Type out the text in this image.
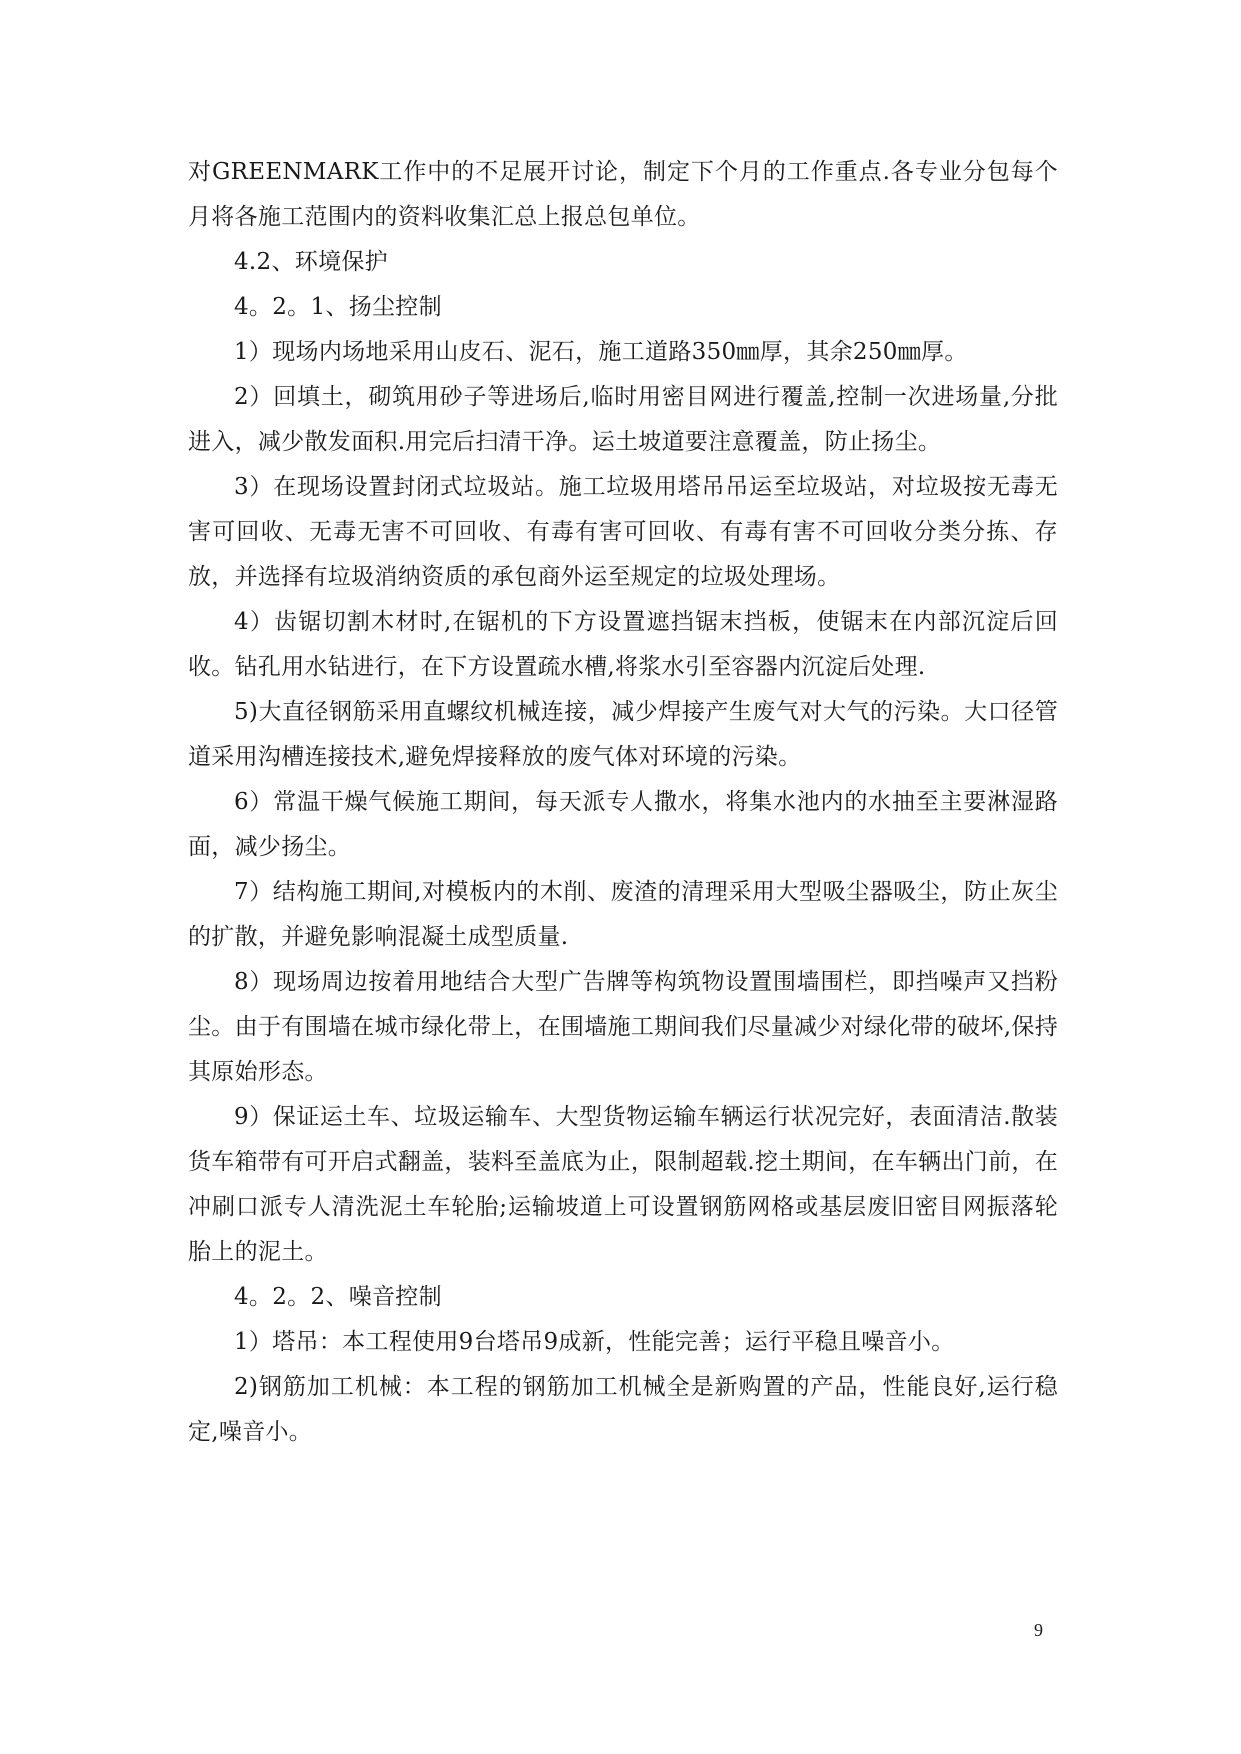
对GREENMARK工作中的不足展开讨论，制定下个月的工作重点.各专业分包每个月将各施工范围内的资料收集汇总上报总包单位。

4.2、环境保护

4。2。1、扬尘控制

1）现场内场地采用山皮石、泥石，施工道路350㎜厚，其余250㎜厚。

2）回填土，砌筑用砂子等进场后,临时用密目网进行覆盖,控制一次进场量,分批进入，减少散发面积.用完后扫清干净。运土坡道要注意覆盖，防止扬尘。

3）在现场设置封闭式垃圾站。施工垃圾用塔吊吊运至垃圾站，对垃圾按无毒无害可回收、无毒无害不可回收、有毒有害可回收、有毒有害不可回收分类分拣、存放，并选择有垃圾消纳资质的承包商外运至规定的垃圾处理场。

4）齿锯切割木材时,在锯机的下方设置遮挡锯末挡板，使锯末在内部沉淀后回收。钻孔用水钻进行，在下方设置疏水槽,将浆水引至容器内沉淀后处理.

5)大直径钢筋采用直螺纹机械连接，减少焊接产生废气对大气的污染。大口径管道采用沟槽连接技术,避免焊接释放的废气体对环境的污染。

6）常温干燥气候施工期间，每天派专人撒水，将集水池内的水抽至主要淋湿路面，减少扬尘。

7）结构施工期间,对模板内的木削、废渣的清理采用大型吸尘器吸尘，防止灰尘的扩散，并避免影响混凝土成型质量.

8）现场周边按着用地结合大型广告牌等构筑物设置围墙围栏，即挡噪声又挡粉尘。由于有围墙在城市绿化带上，在围墙施工期间我们尽量减少对绿化带的破坏,保持其原始形态。

9）保证运土车、垃圾运输车、大型货物运输车辆运行状况完好，表面清洁.散装货车箱带有可开启式翻盖，装料至盖底为止，限制超载.挖土期间，在车辆出门前，在冲刷口派专人清洗泥土车轮胎;运输坡道上可设置钢筋网格或基层废旧密目网振落轮胎上的泥土。

4。2。2、噪音控制

1）塔吊：本工程使用9台塔吊9成新，性能完善；运行平稳且噪音小。

2)钢筋加工机械：本工程的钢筋加工机械全是新购置的产品，性能良好,运行稳定,噪音小。

9
